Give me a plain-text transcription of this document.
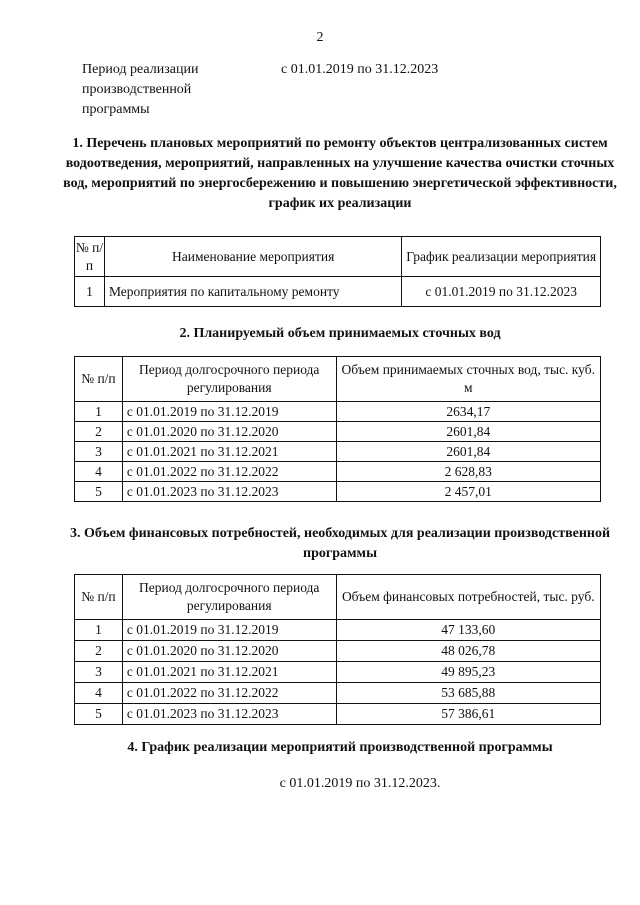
2
Период реализации производственной программы
с 01.01.2019 по 31.12.2023
1. Перечень плановых мероприятий по ремонту объектов централизованных систем водоотведения, мероприятий, направленных на улучшение качества очистки сточных вод, мероприятий по энергосбережению и повышению энергетической эффективности, график их реализации
№ п/п	Наименование мероприятия	График реализации мероприятия
1	Мероприятия по капитальному ремонту	с 01.01.2019 по 31.12.2023
2. Планируемый объем принимаемых сточных вод
№ п/п	Период долгосрочного периода регулирования	Объем принимаемых сточных вод, тыс. куб. м
1	с 01.01.2019 по 31.12.2019	2634,17
2	с 01.01.2020 по 31.12.2020	2601,84
3	с 01.01.2021 по 31.12.2021	2601,84
4	с 01.01.2022 по 31.12.2022	2 628,83
5	с 01.01.2023 по 31.12.2023	2 457,01
3. Объем финансовых потребностей, необходимых для реализации производственной программы
№ п/п	Период долгосрочного периода регулирования	Объем финансовых потребностей, тыс. руб.
1	с 01.01.2019 по 31.12.2019	47 133,60
2	с 01.01.2020 по 31.12.2020	48 026,78
3	с 01.01.2021 по 31.12.2021	49 895,23
4	с 01.01.2022 по 31.12.2022	53 685,88
5	с 01.01.2023 по 31.12.2023	57 386,61
4. График реализации мероприятий производственной программы
с 01.01.2019 по 31.12.2023.
